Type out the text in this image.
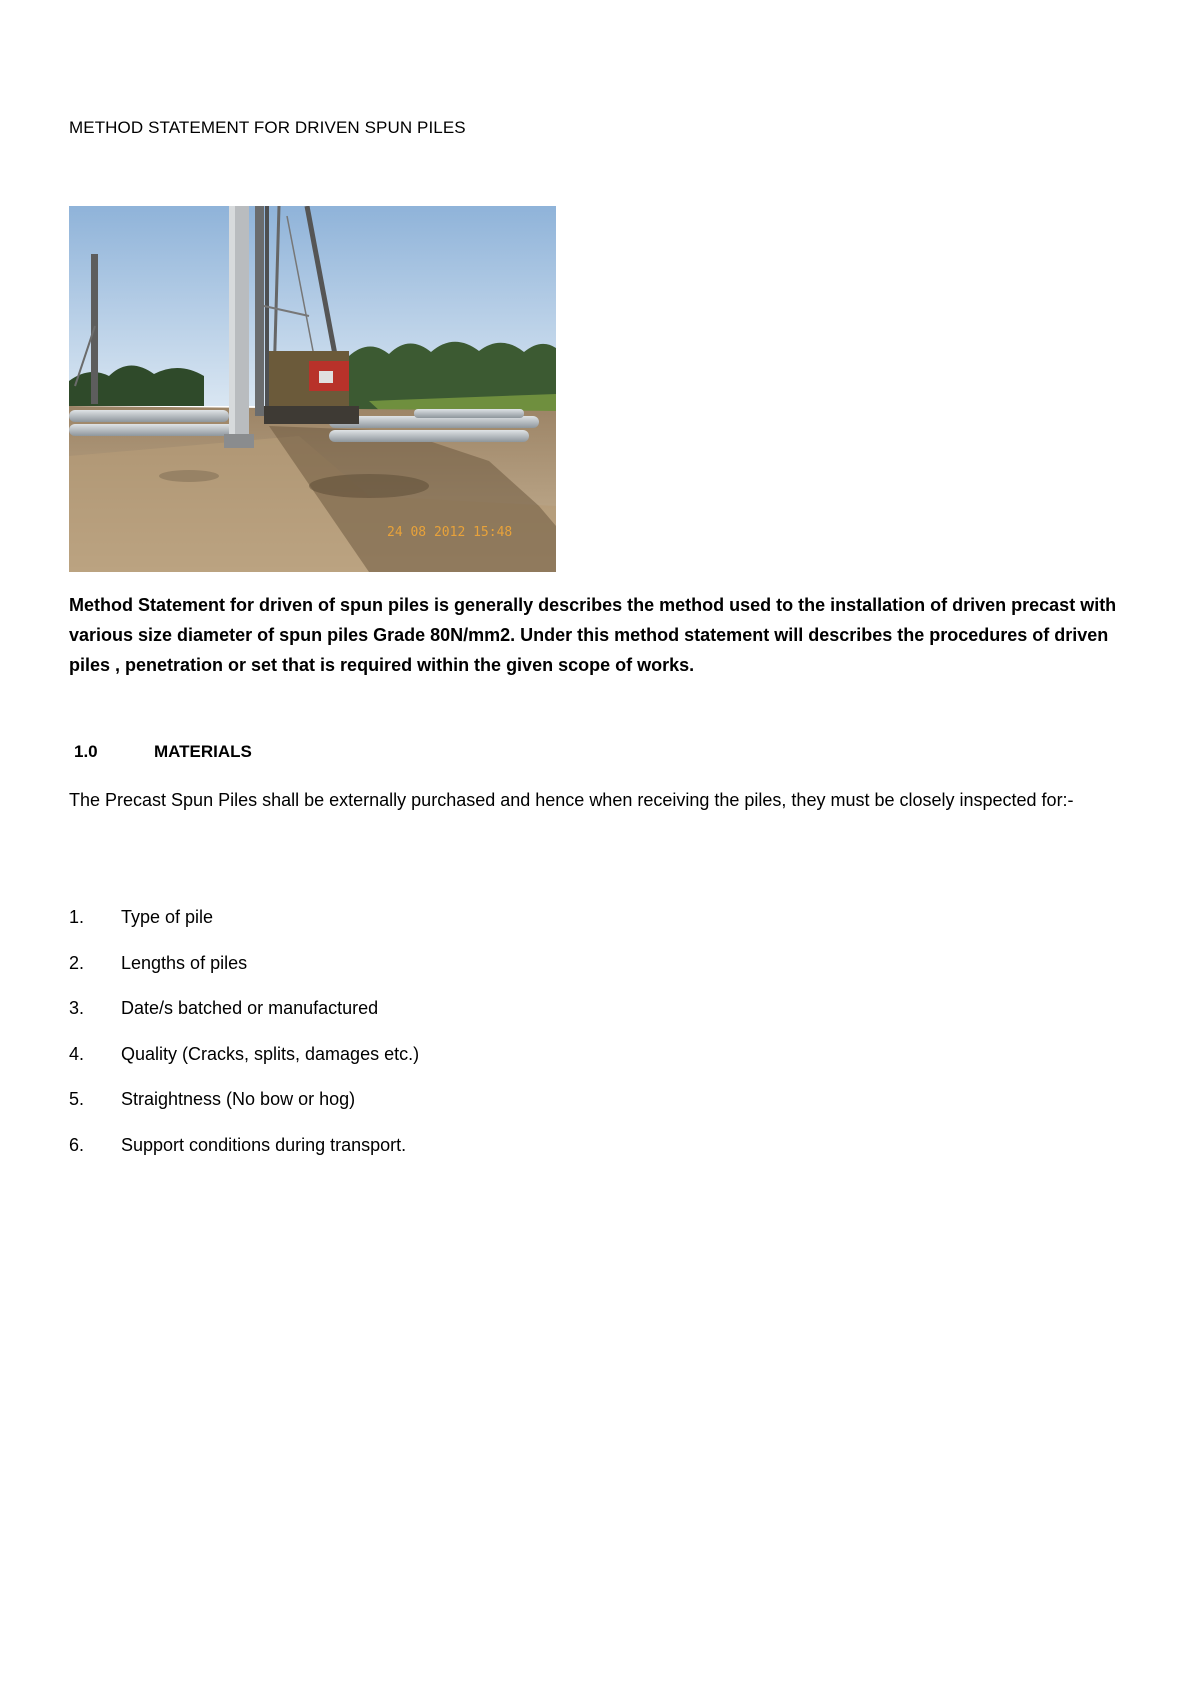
METHOD STATEMENT FOR DRIVEN SPUN PILES
24 08 2012 15:48
Method Statement for driven of spun piles is generally describes the method used to the installation of driven precast with various size diameter of spun piles Grade 80N/mm2. Under this method statement will describes the procedures of driven piles , penetration or set that is required within the given scope of works.
1.0	MATERIALS
The Precast Spun Piles shall be externally purchased and hence when receiving the piles, they must be closely inspected for:-
1. Type of pile
2. Lengths of piles
3. Date/s batched or manufactured
4. Quality (Cracks, splits, damages etc.)
5. Straightness (No bow or hog)
6. Support conditions during transport.
